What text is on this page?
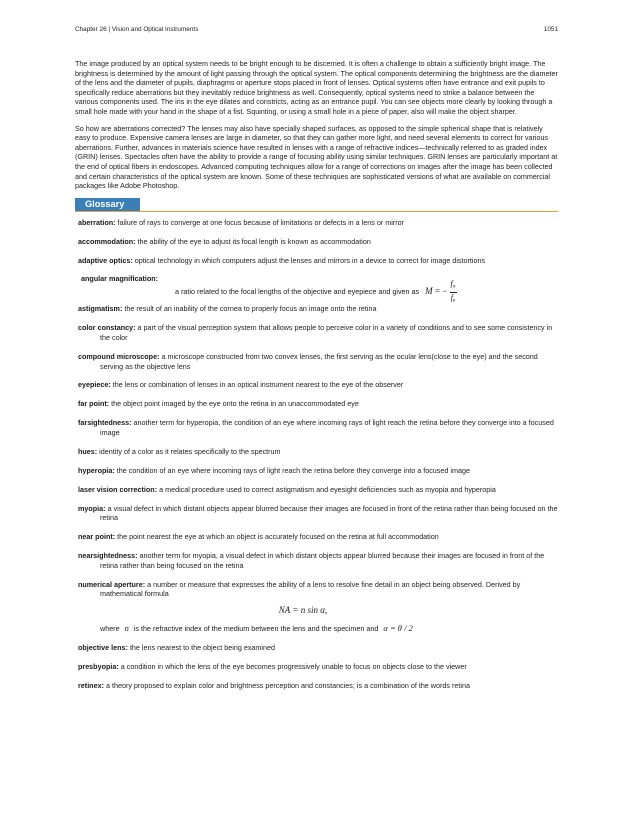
Chapter 26 | Vision and Optical Instruments	1051

The image produced by an optical system needs to be bright enough to be discerned. It is often a challenge to obtain a sufficiently bright image. The brightness is determined by the amount of light passing through the optical system. The optical components determining the brightness are the diameter of the lens and the diameter of pupils, diaphragms or aperture stops placed in front of lenses. Optical systems often have entrance and exit pupils to specifically reduce aberrations but they inevitably reduce brightness as well. Consequently, optical systems need to strike a balance between the various components used. The iris in the eye dilates and constricts, acting as an entrance pupil. You can see objects more clearly by looking through a small hole made with your hand in the shape of a fist. Squinting, or using a small hole in a piece of paper, also will make the object sharper.

So how are aberrations corrected? The lenses may also have specially shaped surfaces, as opposed to the simple spherical shape that is relatively easy to produce. Expensive camera lenses are large in diameter, so that they can gather more light, and need several elements to correct for various aberrations. Further, advances in materials science have resulted in lenses with a range of refractive indices—technically referred to as graded index (GRIN) lenses. Spectacles often have the ability to provide a range of focusing ability using similar techniques. GRIN lenses are particularly important at the end of optical fibers in endoscopes. Advanced computing techniques allow for a range of corrections on images after the image has been collected and certain characteristics of the optical system are known. Some of these techniques are sophisticated versions of what are available on commercial packages like Adobe Photoshop.

Glossary
aberration: failure of rays to converge at one focus because of limitations or defects in a lens or mirror
accommodation: the ability of the eye to adjust its focal length is known as accommodation
adaptive optics: optical technology in which computers adjust the lenses and mirrors in a device to correct for image distortions
angular magnification:
a ratio related to the focal lengths of the objective and eyepiece and given as M = − $\frac{f_o}{f_e}$
astigmatism: the result of an inability of the cornea to properly focus an image onto the retina
color constancy: a part of the visual perception system that allows people to perceive color in a variety of conditions and to see some consistency in the color
compound microscope: a microscope constructed from two convex lenses, the first serving as the ocular lens(close to the eye) and the second serving as the objective lens
eyepiece: the lens or combination of lenses in an optical instrument nearest to the eye of the observer
far point: the object point imaged by the eye onto the retina in an unaccommodated eye
farsightedness: another term for hyperopia, the condition of an eye where incoming rays of light reach the retina before they converge into a focused image
hues: identity of a color as it relates specifically to the spectrum
hyperopia: the condition of an eye where incoming rays of light reach the retina before they converge into a focused image
laser vision correction: a medical procedure used to correct astigmatism and eyesight deficiencies such as myopia and hyperopia
myopia: a visual defect in which distant objects appear blurred because their images are focused in front of the retina rather than being focused on the retina
near point: the point nearest the eye at which an object is accurately focused on the retina at full accommodation
nearsightedness: another term for myopia, a visual defect in which distant objects appear blurred because their images are focused in front of the retina rather than being focused on the retina
numerical aperture: a number or measure that expresses the ability of a lens to resolve fine detail in an object being observed. Derived by mathematical formula
NA = n sin α,
where n is the refractive index of the medium between the lens and the specimen and α = θ / 2
objective lens: the lens nearest to the object being examined
presbyopia: a condition in which the lens of the eye becomes progressively unable to focus on objects close to the viewer
retinex: a theory proposed to explain color and brightness perception and constancies; is a combination of the words retina
